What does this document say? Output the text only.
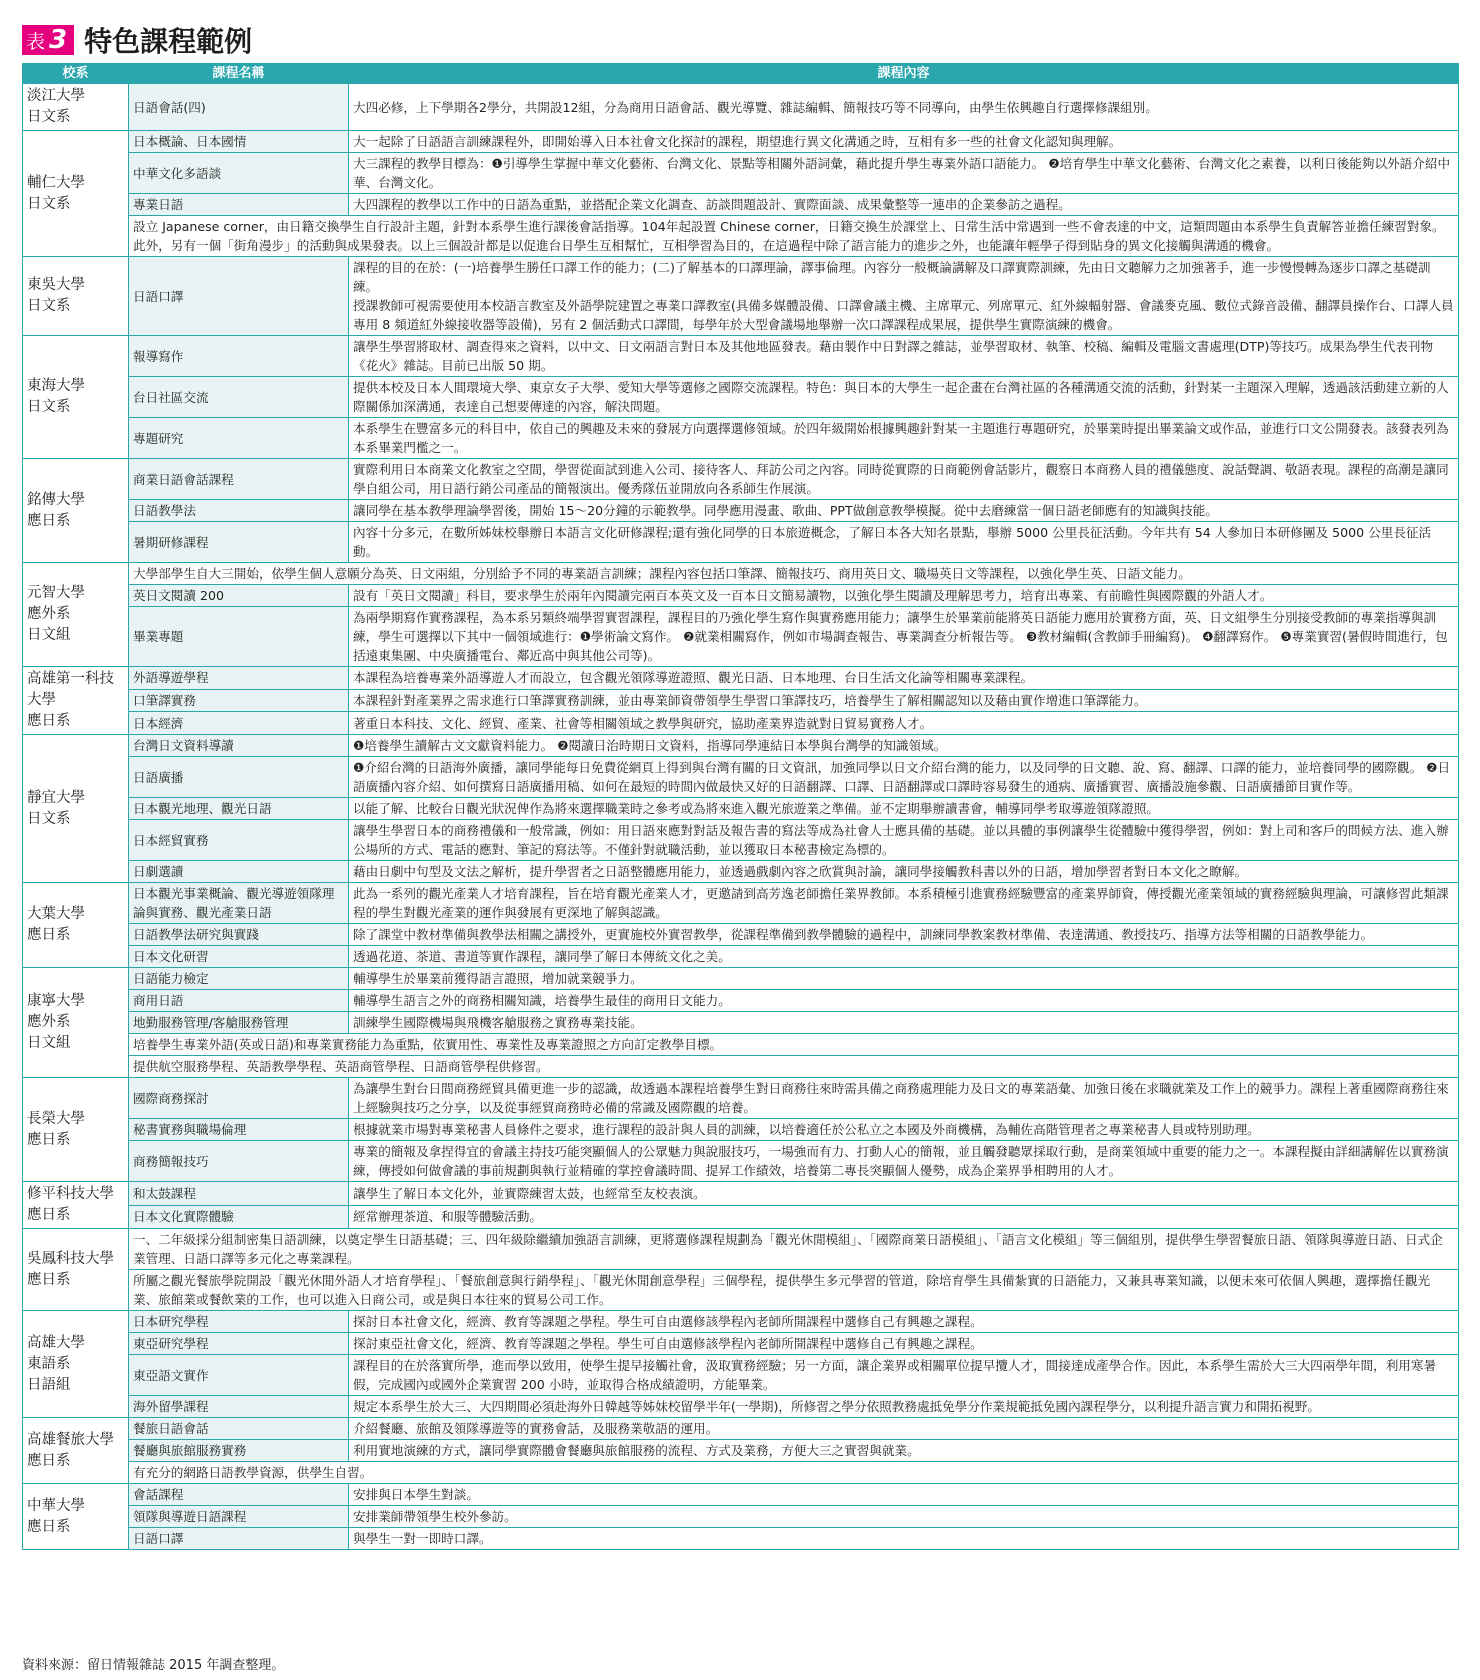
表 3 特色課程範例
校系	課程名稱	課程內容
淡江大學
日文系	日語會話(四)	大四必修，上下學期各2學分，共開設12組，分為商用日語會話、觀光導覽、雜誌編輯、簡報技巧等不同導向，由學生依興趣自行選擇修課組別。
輔仁大學
日文系	日本概論、日本國情	大一起除了日語語言訓練課程外，即開始導入日本社會文化探討的課程，期望進行異文化溝通之時，互相有多一些的社會文化認知與理解。
	中華文化多語談	大三課程的教學目標為：❶引導學生掌握中華文化藝術、台灣文化、景點等相關外語詞彙，藉此提升學生專業外語口語能力。 ❷培育學生中華文化藝術、台灣文化之素養，以利日後能夠以外語介紹中華、台灣文化。
	專業日語	大四課程的教學以工作中的日語為重點，並搭配企業文化調查、訪談問題設計、實際面談、成果彙整等一連串的企業參訪之過程。
	設立 Japanese corner，由日籍交換學生自行設計主題，針對本系學生進行課後會話指導。104年起設置 Chinese corner，日籍交換生於課堂上、日常生活中常遇到一些不會表達的中文，這類問題由本系學生負責解答並擔任練習對象。此外，另有一個「街角漫步」的活動與成果發表。以上三個設計都是以促進台日學生互相幫忙，互相學習為目的，在這過程中除了語言能力的進步之外，也能讓年輕學子得到貼身的異文化接觸與溝通的機會。	
東吳大學
日文系	日語口譯	課程的目的在於：(一)培養學生勝任口譯工作的能力；(二)了解基本的口譯理論，譯事倫理。內容分一般概論講解及口譯實際訓練，先由日文聽解力之加強著手，進一步慢慢轉為逐步口譯之基礎訓練。
授課教師可視需要使用本校語言教室及外語學院建置之專業口譯教室(具備多媒體設備、口譯會議主機、主席單元、列席單元、紅外線輻射器、會議麥克風、數位式錄音設備、翻譯員操作台、口譯人員專用 8 頻道紅外線接收器等設備)，另有 2 個活動式口譯間，每學年於大型會議場地舉辦一次口譯課程成果展，提供學生實際演練的機會。
東海大學
日文系	報導寫作	讓學生學習將取材、調查得來之資料，以中文、日文兩語言對日本及其他地區發表。藉由製作中日對譯之雜誌，並學習取材、執筆、校稿、編輯及電腦文書處理(DTP)等技巧。成果為學生代表刊物《花火》雜誌。目前已出版 50 期。
	台日社區交流	提供本校及日本人間環境大學、東京女子大學、愛知大學等選修之國際交流課程。特色：與日本的大學生一起企畫在台灣社區的各種溝通交流的活動，針對某一主題深入理解，透過該活動建立新的人際關係加深溝通，表達自己想要傳達的內容，解決問題。
	專題研究	本系學生在豐富多元的科目中，依自己的興趣及未來的發展方向選擇選修領域。於四年級開始根據興趣針對某一主題進行專題研究，於畢業時提出畢業論文或作品，並進行口文公開發表。該發表列為本系畢業門檻之一。
銘傳大學
應日系	商業日語會話課程	實際利用日本商業文化教室之空間，學習從面試到進入公司、接待客人、拜訪公司之內容。同時從實際的日商範例會話影片，觀察日本商務人員的禮儀態度、說話聲調、敬語表現。課程的高潮是讓同學自組公司，用日語行銷公司產品的簡報演出。優秀隊伍並開放向各系師生作展演。
	日語教學法	讓同學在基本教學理論學習後，開始 15～20分鐘的示範教學。同學應用漫畫、歌曲、PPT做創意教學模擬。從中去磨練當一個日語老師應有的知識與技能。
	暑期研修課程	內容十分多元，在數所姊妹校舉辦日本語言文化研修課程;還有強化同學的日本旅遊概念，了解日本各大知名景點，舉辦 5000 公里長征活動。今年共有 54 人參加日本研修團及 5000 公里長征活動。
元智大學
應外系
日文組	大學部學生自大三開始，依學生個人意願分為英、日文兩組，分別給予不同的專業語言訓練；課程內容包括口筆譯、簡報技巧、商用英日文、職場英日文等課程，以強化學生英、日語文能力。	
	英日文閱讀 200	設有「英日文閱讀」科目，要求學生於兩年內閱讀完兩百本英文及一百本日文簡易讀物，以強化學生閱讀及理解思考力，培育出專業、有前瞻性與國際觀的外語人才。
	畢業專題	為兩學期寫作實務課程，為本系另類終端學習實習課程，課程目的乃強化學生寫作與實務應用能力；讓學生於畢業前能將英日語能力應用於實務方面，英、日文組學生分別接受教師的專業指導與訓練，學生可選擇以下其中一個領域進行：❶學術論文寫作。 ❷就業相關寫作，例如市場調查報告、專業調查分析報告等。 ❸教材編輯(含教師手冊編寫)。 ❹翻譯寫作。 ❺專業實習(暑假時間進行，包括遠東集團、中央廣播電台、鄰近高中與其他公司等)。
高雄第一科技
大學
應日系	外語導遊學程	本課程為培養專業外語導遊人才而設立，包含觀光領隊導遊證照、觀光日語、日本地理、台日生活文化論等相關專業課程。
	口筆譯實務	本課程針對產業界之需求進行口筆譯實務訓練，並由專業師資帶領學生學習口筆譯技巧，培養學生了解相關認知以及藉由實作增進口筆譯能力。
	日本經濟	著重日本科技、文化、經貿、產業、社會等相關領域之教學與研究，協助產業界造就對日貿易實務人才。
靜宜大學
日文系	台灣日文資料導讀	❶培養學生讀解古文文獻資料能力。 ❷閱讀日治時期日文資料，指導同學連結日本學與台灣學的知識領域。
	日語廣播	❶介紹台灣的日語海外廣播，讓同學能每日免費從網頁上得到與台灣有關的日文資訊，加強同學以日文介紹台灣的能力，以及同學的日文聽、說、寫、翻譯、口譯的能力，並培養同學的國際觀。 ❷日語廣播內容介紹、如何撰寫日語廣播用稿、如何在最短的時間內做最快又好的日語翻譯、口譯、日語翻譯或口譯時容易發生的通病、廣播實習、廣播設施參觀、日語廣播節目實作等。
	日本觀光地理、觀光日語	以能了解、比較台日觀光狀況俾作為將來選擇職業時之參考或為將來進入觀光旅遊業之準備。並不定期舉辦讀書會，輔導同學考取導遊領隊證照。
	日本經貿實務	讓學生學習日本的商務禮儀和一般常識，例如：用日語來應對對話及報告書的寫法等成為社會人士應具備的基礎。並以具體的事例讓學生從體驗中獲得學習，例如：對上司和客戶的問候方法、進入辦公場所的方式、電話的應對、筆記的寫法等。不僅針對就職活動，並以獲取日本秘書檢定為標的。
	日劇選讀	藉由日劇中句型及文法之解析，提升學習者之日語整體應用能力，並透過戲劇內容之欣賞與討論，讓同學接觸教科書以外的日語，增加學習者對日本文化之瞭解。
大葉大學
應日系	日本觀光事業概論、觀光導遊領隊理論與實務、觀光產業日語	此為一系列的觀光產業人才培育課程，旨在培育觀光產業人才，更邀請到高芳逸老師擔任業界教師。本系積極引進實務經驗豐富的產業界師資，傳授觀光產業領域的實務經驗與理論，可讓修習此類課程的學生對觀光產業的運作與發展有更深地了解與認識。
	日語教學法研究與實踐	除了課堂中教材準備與教學法相關之講授外，更實施校外實習教學，從課程準備到教學體驗的過程中，訓練同學教案教材準備、表達溝通、教授技巧、指導方法等相關的日語教學能力。
	日本文化研習	透過花道、茶道、書道等實作課程，讓同學了解日本傳統文化之美。
康寧大學
應外系
日文組	日語能力檢定	輔導學生於畢業前獲得語言證照，增加就業競爭力。
	商用日語	輔導學生語言之外的商務相關知識，培養學生最佳的商用日文能力。
	地勤服務管理/客艙服務管理	訓練學生國際機場與飛機客艙服務之實務專業技能。
	培養學生專業外語(英或日語)和專業實務能力為重點，依實用性、專業性及專業證照之方向訂定教學目標。	
	提供航空服務學程、英語教學學程、英語商管學程、日語商管學程供修習。	
長榮大學
應日系	國際商務探討	為讓學生對台日間商務經貿具備更進一步的認識，故透過本課程培養學生對日商務往來時需具備之商務處理能力及日文的專業語彙、加強日後在求職就業及工作上的競爭力。課程上著重國際商務往來上經驗與技巧之分享，以及從事經貿商務時必備的常識及國際觀的培養。
	秘書實務與職場倫理	根據就業市場對專業秘書人員條件之要求，進行課程的設計與人員的訓練，以培養適任於公私立之本國及外商機構，為輔佐高階管理者之專業秘書人員或特別助理。
	商務簡報技巧	專業的簡報及拿捏得宜的會議主持技巧能突顯個人的公眾魅力與說服技巧，一場強而有力、打動人心的簡報，並且觸發聽眾採取行動，是商業領域中重要的能力之一。本課程擬由詳細講解佐以實務演練，傳授如何做會議的事前規劃與執行並精確的掌控會議時間、提昇工作績效，培養第二專長突顯個人優勢，成為企業界爭相聘用的人才。
修平科技大學
應日系	和太鼓課程	讓學生了解日本文化外，並實際練習太鼓，也經常至友校表演。
	日本文化實際體驗	經常辦理茶道、和服等體驗活動。
吳鳳科技大學
應日系	一、二年級採分組制密集日語訓練，以奠定學生日語基礎；三、四年級除繼續加強語言訓練，更將選修課程規劃為「觀光休閒模組」、「國際商業日語模組」、「語言文化模組」等三個組別，提供學生學習餐旅日語、領隊與導遊日語、日式企業管理、日語口譯等多元化之專業課程。	
	所屬之觀光餐旅學院開設「觀光休閒外語人才培育學程」、「餐旅創意與行銷學程」、「觀光休閒創意學程」三個學程，提供學生多元學習的管道，除培育學生具備紮實的日語能力，又兼具專業知識，以便未來可依個人興趣，選擇擔任觀光業、旅館業或餐飲業的工作，也可以進入日商公司，或是與日本往來的貿易公司工作。	
高雄大學
東語系
日語組	日本研究學程	探討日本社會文化，經濟、教育等課題之學程。學生可自由選修該學程內老師所開課程中選修自己有興趣之課程。
	東亞研究學程	探討東亞社會文化，經濟、教育等課題之學程。學生可自由選修該學程內老師所開課程中選修自己有興趣之課程。
	東亞語文實作	課程目的在於落實所學，進而學以致用，使學生提早接觸社會，汲取實務經驗；另一方面，讓企業界或相關單位提早攬人才，間接達成產學合作。因此，本系學生需於大三大四兩學年間，利用寒暑假，完成國內或國外企業實習 200 小時，並取得合格成績證明，方能畢業。
	海外留學課程	規定本系學生於大三、大四期間必須赴海外日韓越等姊妹校留學半年(一學期)，所修習之學分依照教務處抵免學分作業規範抵免國內課程學分，以利提升語言實力和開拓視野。
高雄餐旅大學
應日系	餐旅日語會話	介紹餐廳、旅館及領隊導遊等的實務會話，及服務業敬語的運用。
	餐廳與旅館服務實務	利用實地演練的方式，讓同學實際體會餐廳與旅館服務的流程、方式及業務，方便大三之實習與就業。
	有充分的網路日語教學資源，供學生自習。	
中華大學
應日系	會話課程	安排與日本學生對談。
	領隊與導遊日語課程	安排業師帶領學生校外參訪。
	日語口譯	與學生一對一即時口譯。
資料來源：留日情報雜誌 2015 年調查整理。
